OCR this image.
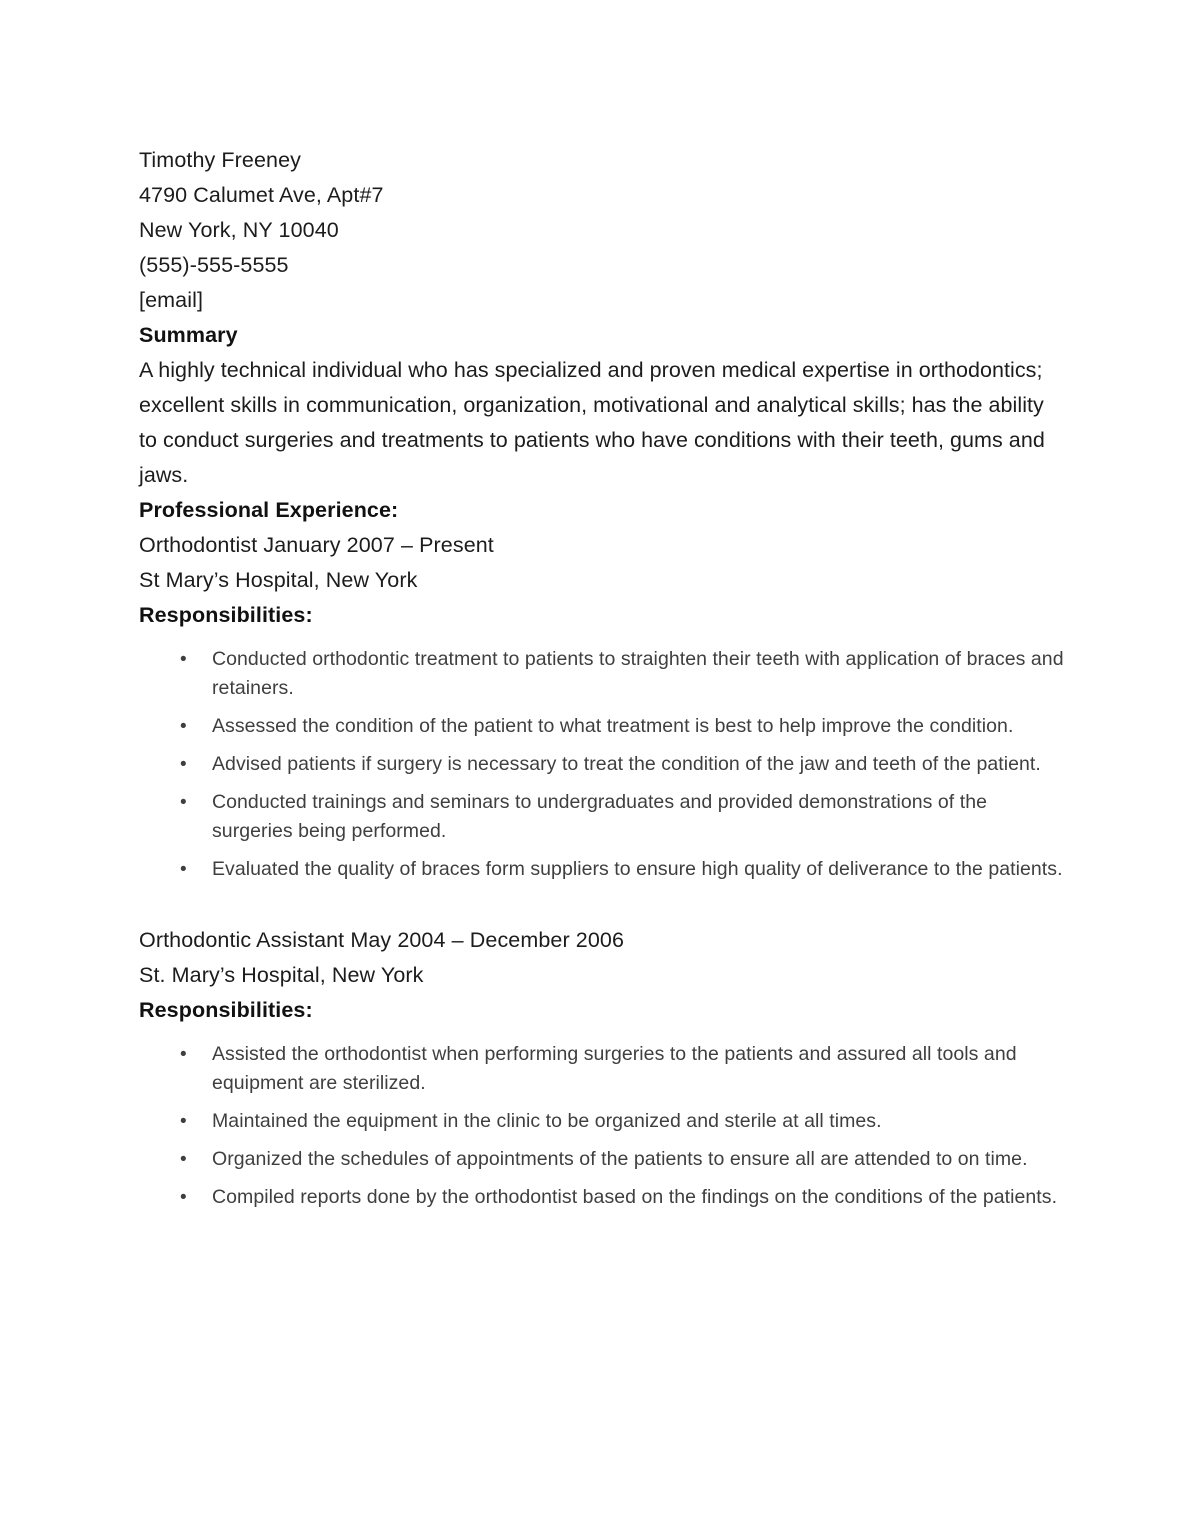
Timothy Freeney
4790 Calumet Ave, Apt#7
New York, NY 10040
(555)-555-5555
[email]
Summary
A highly technical individual who has specialized and proven medical expertise in orthodontics; excellent skills in communication, organization, motivational and analytical skills; has the ability to conduct surgeries and treatments to patients who have conditions with their teeth, gums and jaws.
Professional Experience:
Orthodontist January 2007 – Present
St Mary’s Hospital, New York
Responsibilities:
• Conducted orthodontic treatment to patients to straighten their teeth with application of braces and retainers.
• Assessed the condition of the patient to what treatment is best to help improve the condition.
• Advised patients if surgery is necessary to treat the condition of the jaw and teeth of the patient.
• Conducted trainings and seminars to undergraduates and provided demonstrations of the surgeries being performed.
• Evaluated the quality of braces form suppliers to ensure high quality of deliverance to the patients.
Orthodontic Assistant May 2004 – December 2006
St. Mary’s Hospital, New York
Responsibilities:
• Assisted the orthodontist when performing surgeries to the patients and assured all tools and equipment are sterilized.
• Maintained the equipment in the clinic to be organized and sterile at all times.
• Organized the schedules of appointments of the patients to ensure all are attended to on time.
• Compiled reports done by the orthodontist based on the findings on the conditions of the patients.
